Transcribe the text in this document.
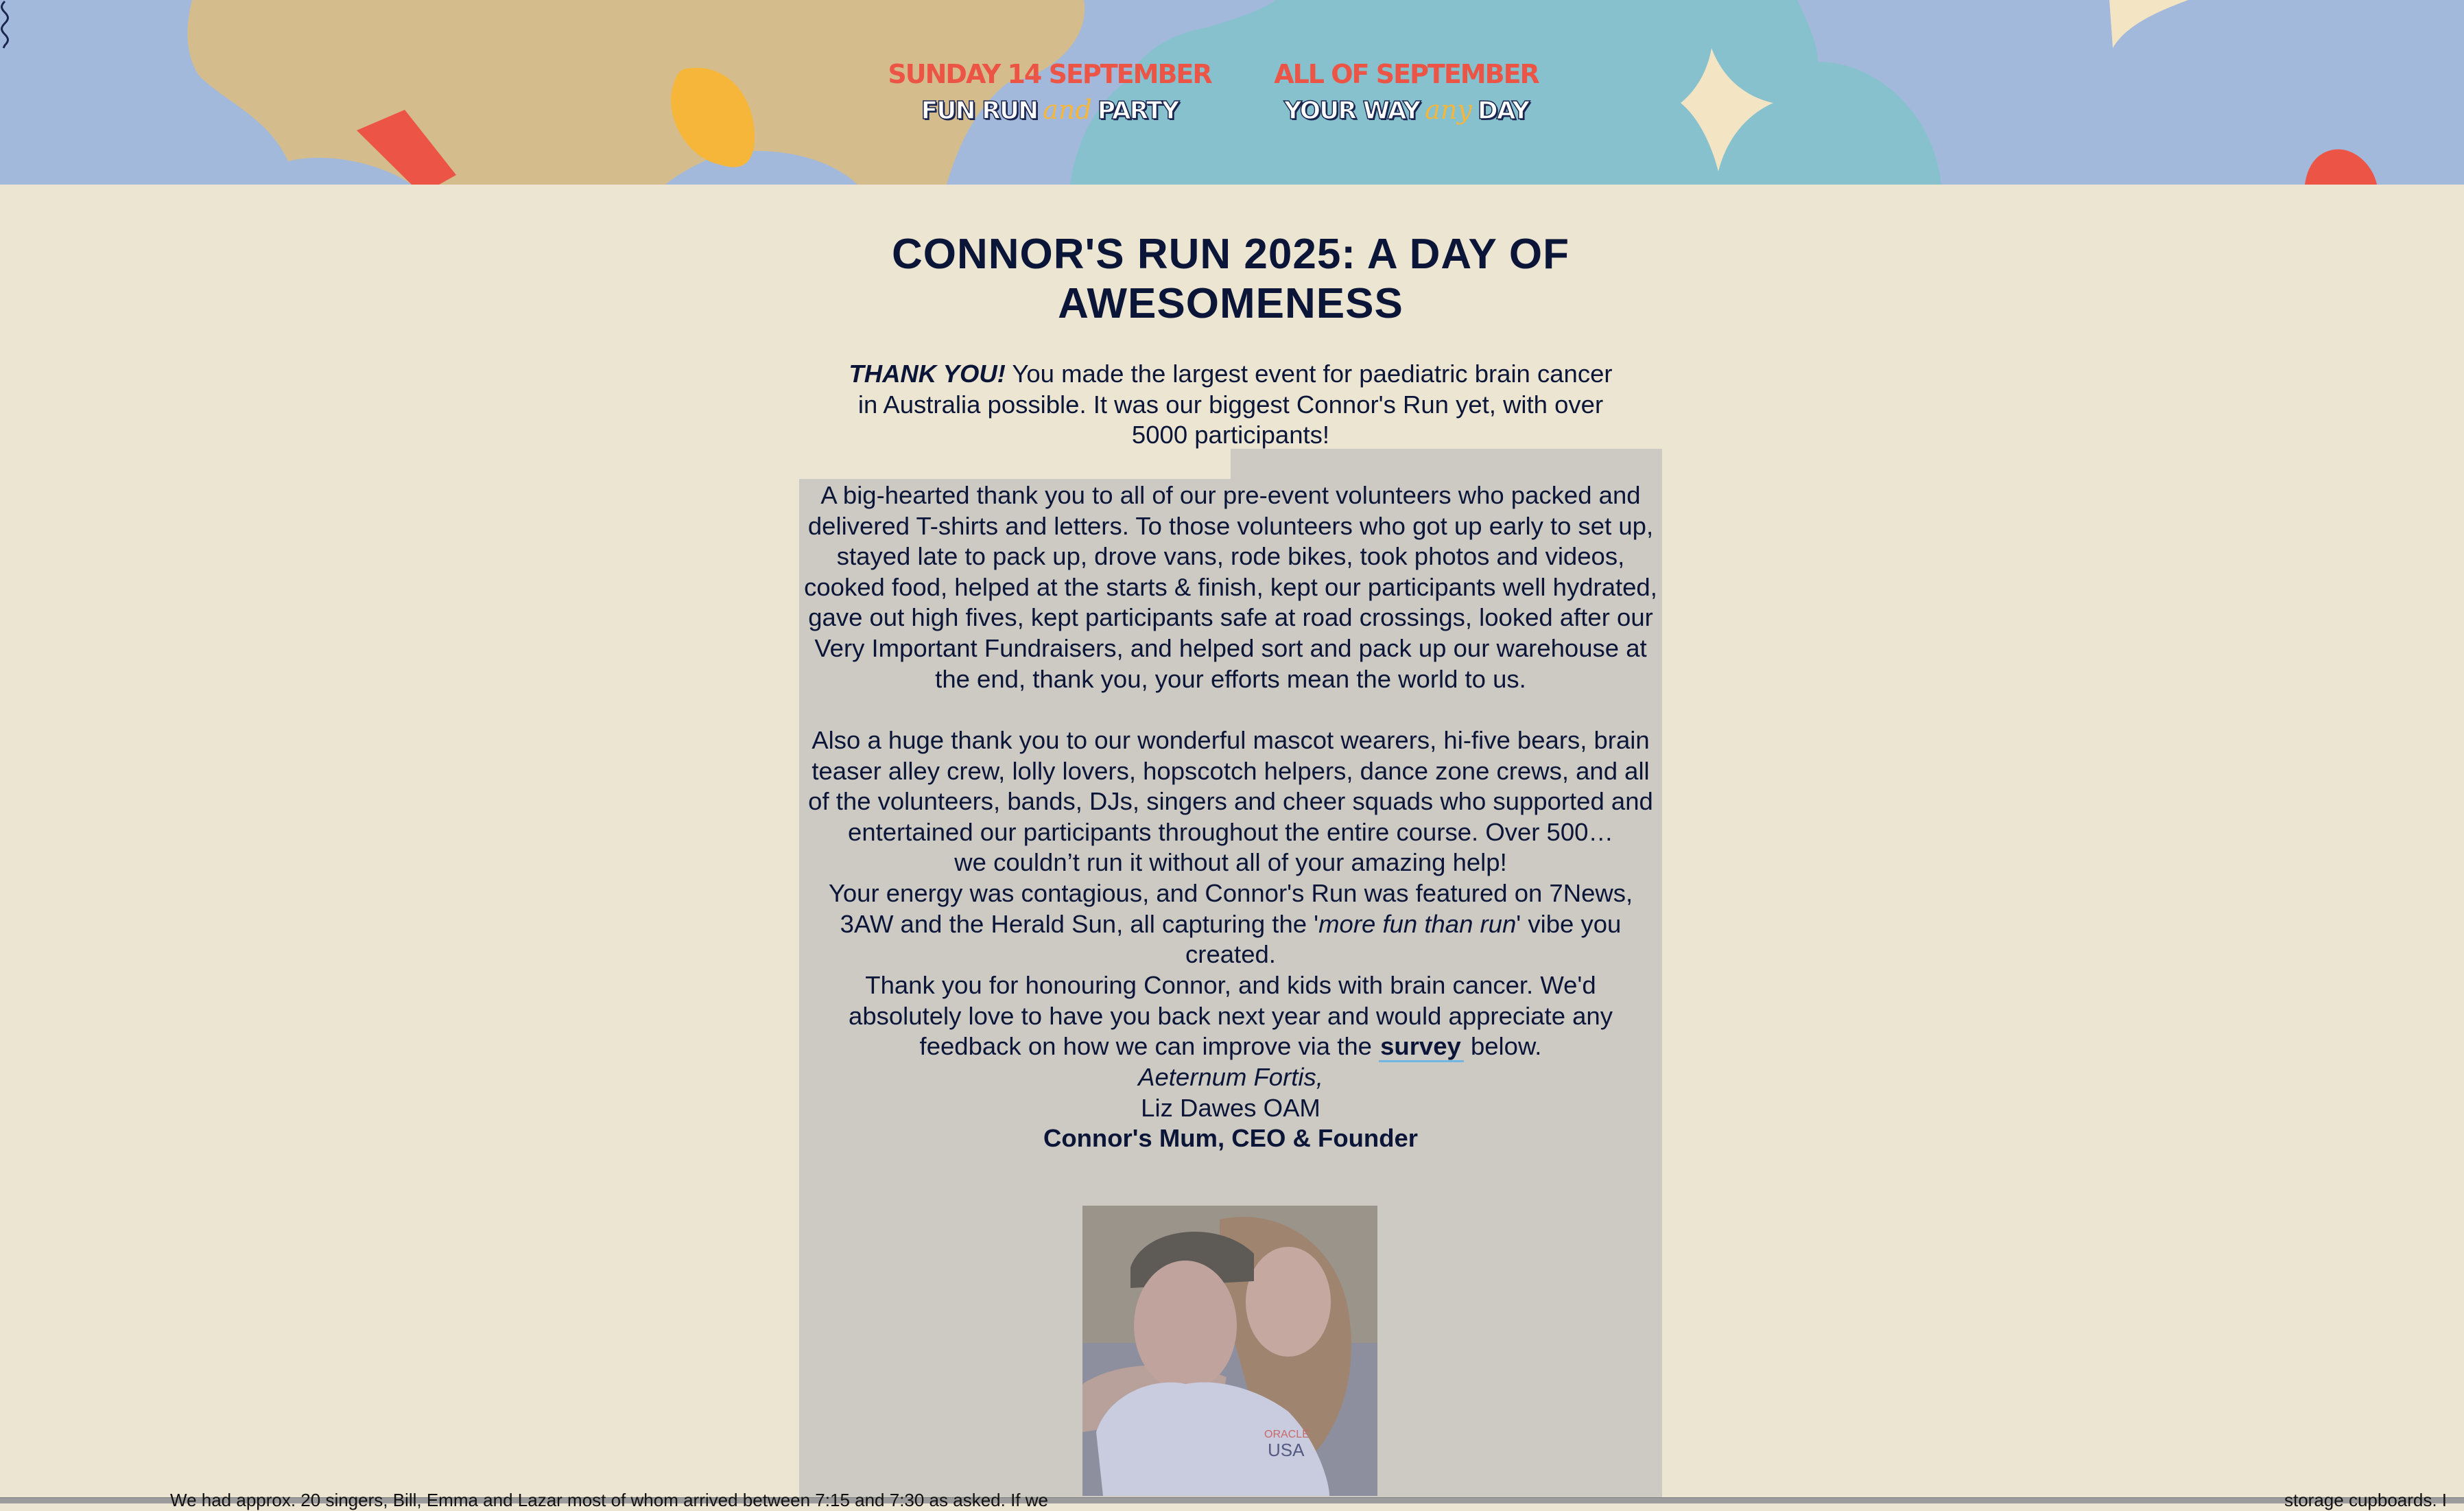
SUNDAY 14 SEPTEMBER
FUN RUN and PARTY
ALL OF SEPTEMBER
YOUR WAY any DAY
CONNOR'S RUN 2025: A DAY OF AWESOMENESS

THANK YOU! You made the largest event for paediatric brain cancer in Australia possible. It was our biggest Connor's Run yet, with over 5000 participants!

A big-hearted thank you to all of our pre-event volunteers who packed and delivered T-shirts and letters. To those volunteers who got up early to set up, stayed late to pack up, drove vans, rode bikes, took photos and videos, cooked food, helped at the starts & finish, kept our participants well hydrated, gave out high fives, kept participants safe at road crossings, looked after our Very Important Fundraisers, and helped sort and pack up our warehouse at the end, thank you, your efforts mean the world to us.

Also a huge thank you to our wonderful mascot wearers, hi-five bears, brain teaser alley crew, lolly lovers, hopscotch helpers, dance zone crews, and all of the volunteers, bands, DJs, singers and cheer squads who supported and entertained our participants throughout the entire course. Over 500…
we couldn’t run it without all of your amazing help!

Your energy was contagious, and Connor's Run was featured on 7News, 3AW and the Herald Sun, all capturing the 'more fun than run' vibe you created.

Thank you for honouring Connor, and kids with brain cancer. We'd absolutely love to have you back next year and would appreciate any feedback on how we can improve via the survey below.

Aeternum Fortis,
Liz Dawes OAM
Connor's Mum, CEO & Founder

ORACLE
USA
We had approx. 20 singers, Bill, Emma and Lazar most of whom arrived between 7:15 and 7:30 as asked. If we	storage cupboards. I
